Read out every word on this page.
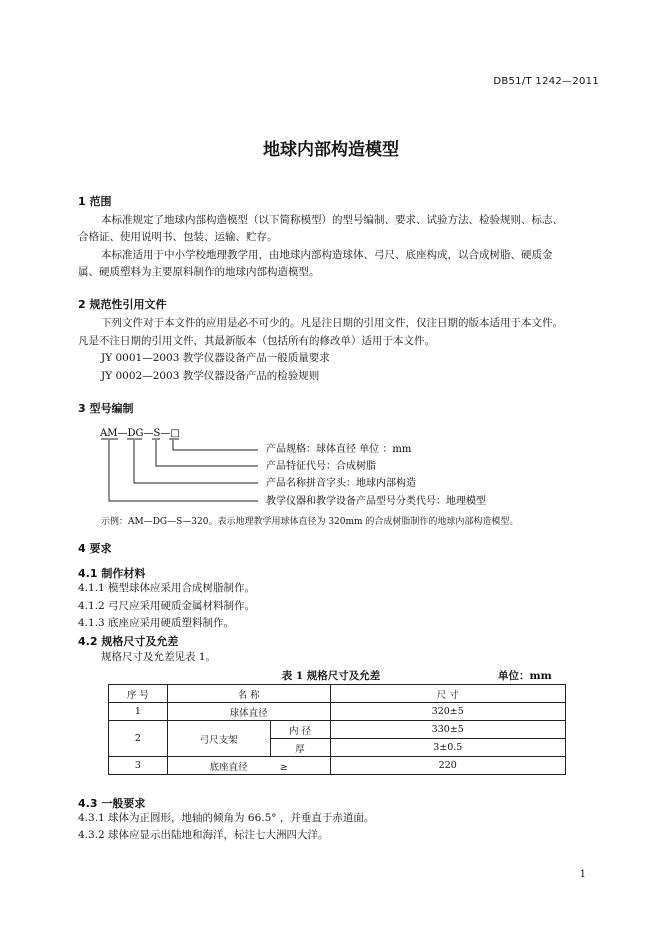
DB51/T 1242—2011
地球内部构造模型
1 范围
本标准规定了地球内部构造模型（以下简称模型）的型号编制、要求、试验方法、检验规则、标志、
合格证、使用说明书、包装、运输、贮存。
本标准适用于中小学校地理教学用，由地球内部构造球体、弓尺、底座构成，以合成树脂、硬质金
属、硬质塑料为主要原料制作的地球内部构造模型。
2 规范性引用文件
下列文件对于本文件的应用是必不可少的。凡是注日期的引用文件，仅注日期的版本适用于本文件。
凡是不注日期的引用文件，其最新版本（包括所有的修改单）适用于本文件。
JY 0001—2003 教学仪器设备产品一般质量要求
JY 0002—2003 教学仪器设备产品的检验规则
3 型号编制
AM—DG—S—□
产品规格：球体直径 单位 ：mm
产品特征代号：合成树脂
产品名称拼音字头：地球内部构造
教学仪器和教学设备产品型号分类代号：地理模型
示例：AM—DG—S—320。表示地理教学用球体直径为 320mm 的合成树脂制作的地球内部构造模型。
4 要求
4.1 制作材料
4.1.1 模型球体应采用合成树脂制作。
4.1.2 弓尺应采用硬质金属材料制作。
4.1.3 底座应采用硬质塑料制作。
4.2 规格尺寸及允差
规格尺寸及允差见表 1。
表 1 规格尺寸及允差	单位：mm
序 号	名 称		尺 寸
1	球体直径		320±5
2	弓尺支架	内 径	330±5
		厚	3±0.5
3	底座直径 ≥		220
4.3 一般要求
4.3.1 球体为正圆形，地轴的倾角为 66.5° ，并垂直于赤道面。
4.3.2 球体应显示出陆地和海洋，标注七大洲四大洋。
1
